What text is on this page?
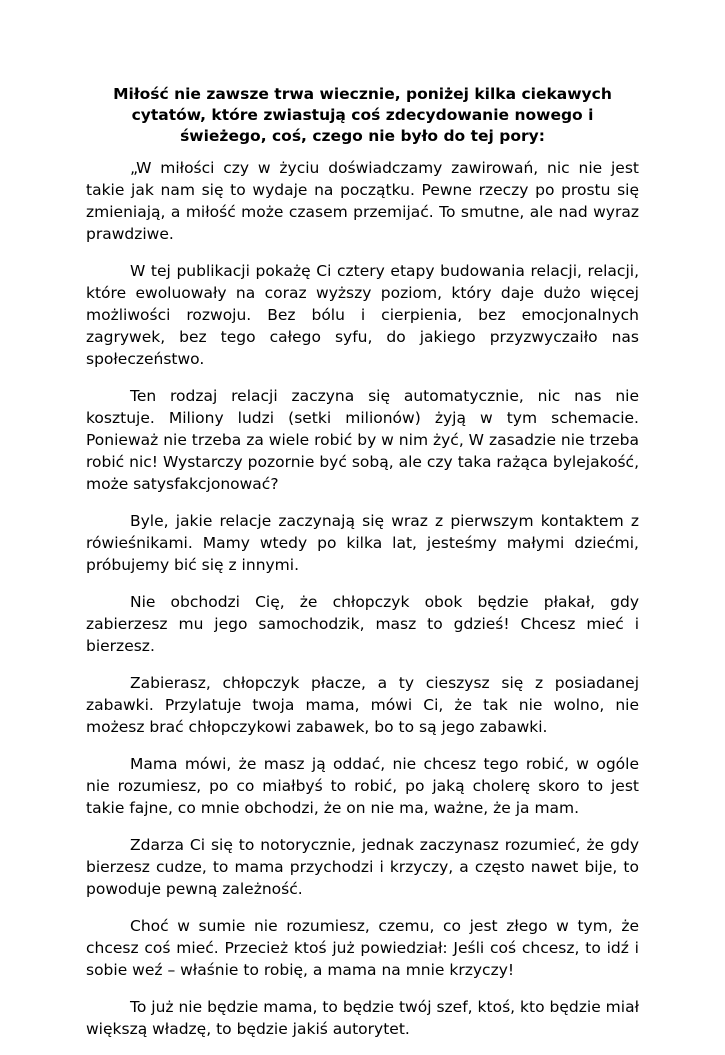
Miłość nie zawsze trwa wiecznie, poniżej kilka ciekawych cytatów, które zwiastują coś zdecydowanie nowego i świeżego, coś, czego nie było do tej pory:

„W miłości czy w życiu doświadczamy zawirowań, nic nie jest takie jak nam się to wydaje na początku. Pewne rzeczy po prostu się zmieniają, a miłość może czasem przemijać. To smutne, ale nad wyraz prawdziwe.

W tej publikacji pokażę Ci cztery etapy budowania relacji, relacji, które ewoluowały na coraz wyższy poziom, który daje dużo więcej możliwości rozwoju. Bez bólu i cierpienia, bez emocjonalnych zagrywek, bez tego całego syfu, do jakiego przyzwyczaiło nas społeczeństwo.

Ten rodzaj relacji zaczyna się automatycznie, nic nas nie kosztuje. Miliony ludzi (setki milionów) żyją w tym schemacie. Ponieważ nie trzeba za wiele robić by w nim żyć, W zasadzie nie trzeba robić nic! Wystarczy pozornie być sobą, ale czy taka rażąca bylejakość, może satysfakcjonować?

Byle, jakie relacje zaczynają się wraz z pierwszym kontaktem z rówieśnikami. Mamy wtedy po kilka lat, jesteśmy małymi dziećmi, próbujemy bić się z innymi.

Nie obchodzi Cię, że chłopczyk obok będzie płakał, gdy zabierzesz mu jego samochodzik, masz to gdzieś! Chcesz mieć i bierzesz.

Zabierasz, chłopczyk płacze, a ty cieszysz się z posiadanej zabawki. Przylatuje twoja mama, mówi Ci, że tak nie wolno, nie możesz brać chłopczykowi zabawek, bo to są jego zabawki.

Mama mówi, że masz ją oddać, nie chcesz tego robić, w ogóle nie rozumiesz, po co miałbyś to robić, po jaką cholerę skoro to jest takie fajne, co mnie obchodzi, że on nie ma, ważne, że ja mam.

Zdarza Ci się to notorycznie, jednak zaczynasz rozumieć, że gdy bierzesz cudze, to mama przychodzi i krzyczy, a często nawet bije, to powoduje pewną zależność.

Choć w sumie nie rozumiesz, czemu, co jest złego w tym, że chcesz coś mieć. Przecież ktoś już powiedział: Jeśli coś chcesz, to idź i sobie weź – właśnie to robię, a mama na mnie krzyczy!

To już nie będzie mama, to będzie twój szef, ktoś, kto będzie miał większą władzę, to będzie jakiś autorytet.
